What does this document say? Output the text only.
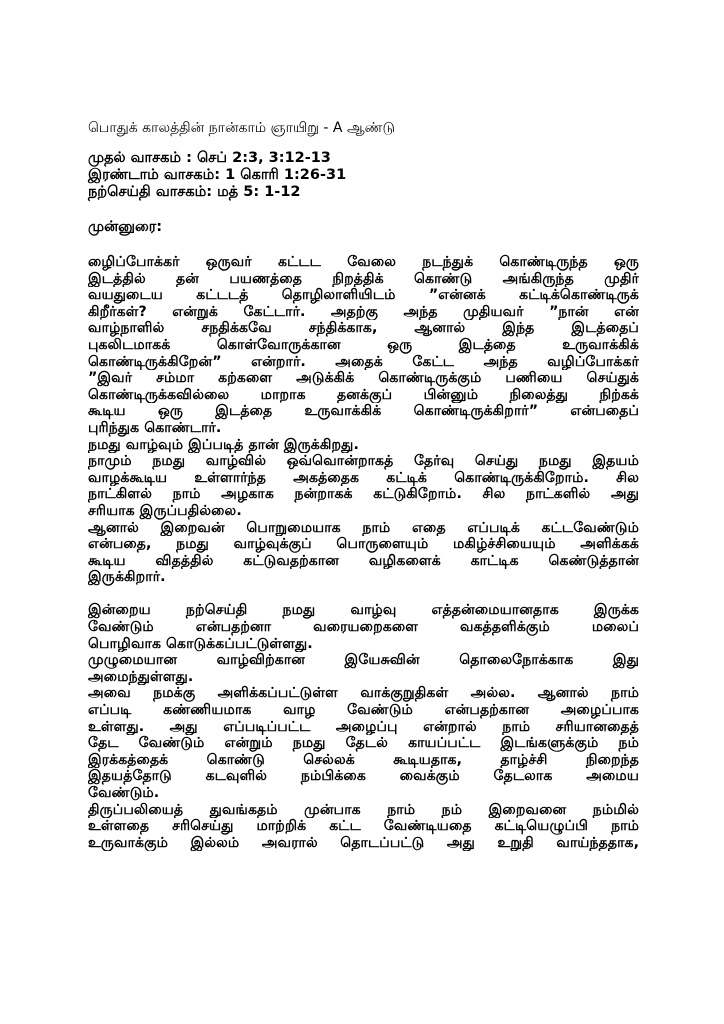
பொதுக் காலத்தின் நான்காம் ஞாயிறு - A ஆண்டு
முதல் வாசகம் : செப் 2:3, 3:12-13
இரண்டாம் வாசகம்: 1 கொரி 1:26-31
நற்செய்தி வாசகம்: மத் 5: 1-12
முன்னுரை:
ழிைப்போக்கர் ஒருவர் கட்டட வேலை நடந்துக் கொண்டிருந்த ஒரு
இடத்தில் தன் பயணத்தை நிறத்திக் கொண்டு அங்கிருந்த முதிர்
வயதுடைய கட்டடத் தொழிலாளியிடம் ”என்னக் கட்டிக்கொண்டிருக்
கிறீர்கள்? என்றுக் கேட்டார். அதற்கு அந்த முதியவர் ”நான் என்
வாழ்நாளில் சநதிக்கவே சந்திக்காக, ஆனால் இந்த இடத்தைப்
புகலிடமாகக் கொள்வோருக்கான ஒரு இடத்தை உருவாக்கிக்
கொண்டிருக்கிறேன்” என்றார். அதைக் கேட்ட அந்த வழிப்போக்கர்
”இவர் சம்மா கற்களை அடுக்கிக் கொண்டிருக்கும் பணியை செய்துக்
கொண்டிருக்கவில்லை மாறாக தனக்குப் பின்னும் நிலைத்து நிற்கக்
கூடிய ஒரு இடத்தை உருவாக்கிக் கொண்டிருக்கிறார்” என்பதைப்
புரிந்துக கொண்டார்.
நமது வாழ்வும் இப்படித் தான் இருக்கிறது.
நாமும் நமது வாழ்வில் ஒவ்வொன்றாகத் தேர்வு செய்து நமது இதயம்
வாழக்கூடிய உள்ளார்ந்த அகத்தைக கட்டிக் கொண்டிருக்கிறோம். சில
நாட்கிளல் நாம் அழகாக நன்றாகக் கட்டுகிறோம். சில நாட்களில் அது
சரியாக இருப்பதில்லை.
ஆனால் இறைவன் பொறுமையாக நாம் எதை எப்படிக் கட்டவேண்டும்
என்பதை, நமது வாழ்வுக்குப் பொருளையும் மகிழ்ச்சியையும் அளிக்கக்
கூடிய விதத்தில் கட்டுவதற்கான வழிகளைக் காட்டிக கெண்டுத்தான்
இருக்கிறார்.
இன்றைய நற்செய்தி நமது வாழ்வு எத்தன்மையானதாக இருக்க
வேண்டும் என்பதற்னா வரையறைகளை வகத்தளிக்கும் மலைப்
பொழிவாக கொடுக்கப்பட்டுள்ளது.
முழுமையான வாழ்விற்கான இயேசுவின் தொலைநோக்காக இது
அமைந்துள்ளது.
அவை நமக்கு அளிக்கப்பட்டுள்ள வாக்குறுதிகள் அல்ல. ஆனால் நாம்
எப்படி கண்ணியமாக வாழ வேண்டும் என்பதற்கான அழைப்பாக
உள்ளது. அது எப்படிப்பட்ட அழைப்பு என்றால் நாம் சரியானதைத்
தேட வேண்டும் என்றும் நமது தேடல் காயப்பட்ட இடங்களுக்கும் நம்
இரக்கத்தைக் கொண்டு செல்லக் கூடியதாக, தாழ்ச்சி நிறைந்த
இதயத்தோடு கடவுளில் நம்பிக்கை வைக்கும் தேடலாக அமைய
வேண்டும்.
திருப்பலியைத் துவங்கதம் முன்பாக நாம் நம் இறைவனை நம்மில்
உள்ளதை சரிசெய்து மாற்றிக் கட்ட வேண்டியதை கட்டியெழுப்பி நாம்
உருவாக்கும் இல்லம் அவரால் தொடப்பட்டு அது உறுதி வாய்ந்ததாக,
